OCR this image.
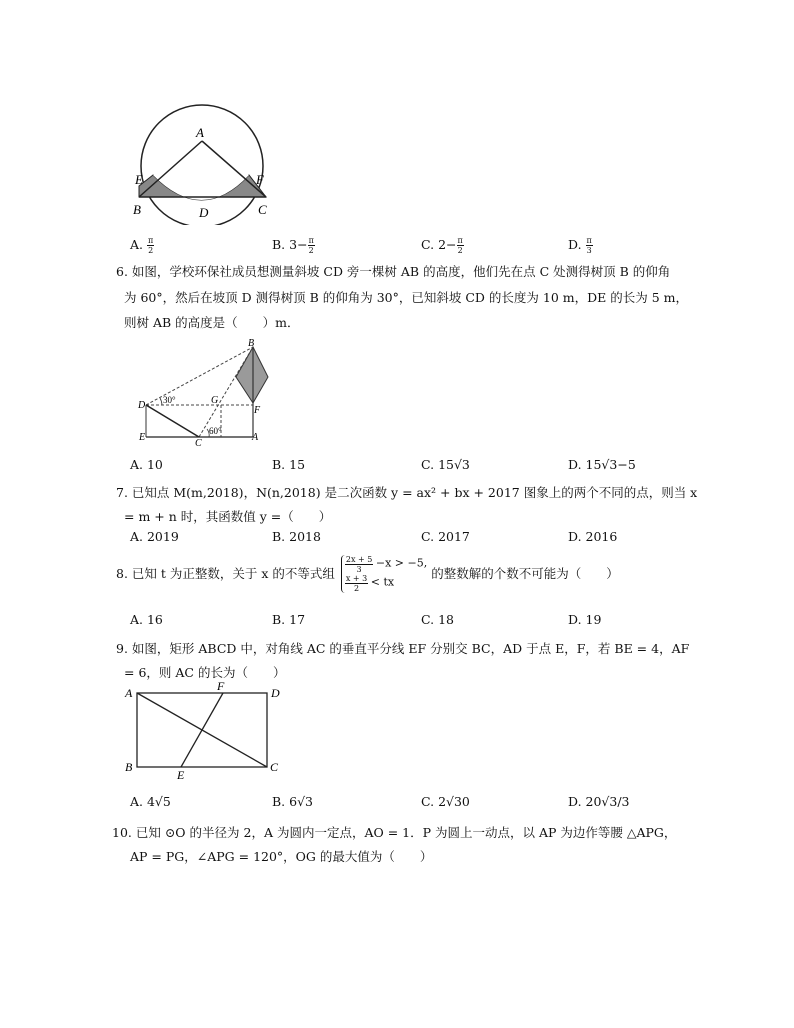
A
E	F
B	D	C
A. $\frac{\pi}{2}$	B. $3- \frac{\pi}{2}$	C. $2- \frac{\pi}{2}$	D. $\frac{\pi}{3}$
6. 如图，学校环保社成员想测量斜坡 CD 旁一棵树 AB 的高度，他们先在点 C 处测得树顶 B 的仰角
为 60°，然后在坡顶 D 测得树顶 B 的仰角为 30°，已知斜坡 CD 的长度为 10 m，DE 的长为 5 m，
则树 AB 的高度是（　　）m．
B
D 30°	G
F
60°
E
C
A
A. 10	B. 15	C. 15√3	D. 15√3−5
7. 已知点 M(m,2018)，N(n,2018) 是二次函数 y = ax² + bx + 2017 图象上的两个不同的点，则当 x
= m + n 时，其函数值 y =（　　）
A. 2019	B. 2018	C. 2017	D. 2016
8. 已知 t 为正整数，关于 x 的不等式组 $\frac{2x + 5}{3} -x > -5$,
$\frac{x + 3}{2}$ < tx
的整数解的个数不可能为（　　）
A. 16	B. 17	C. 18	D. 19
9. 如图，矩形 ABCD 中，对角线 AC 的垂直平分线 EF 分别交 BC，AD 于点 E，F，若 BE = 4，AF
= 6，则 AC 的长为（　　）
A	F	D
B
E
C
A. 4√5	B. 6√3	C. 2√30	D. 20√3/3
10. 已知 ⊙O 的半径为 2，A 为圆内一定点，AO = 1．P 为圆上一动点，以 AP 为边作等腰 △APG，
AP = PG，∠APG = 120°，OG 的最大值为（　　）
